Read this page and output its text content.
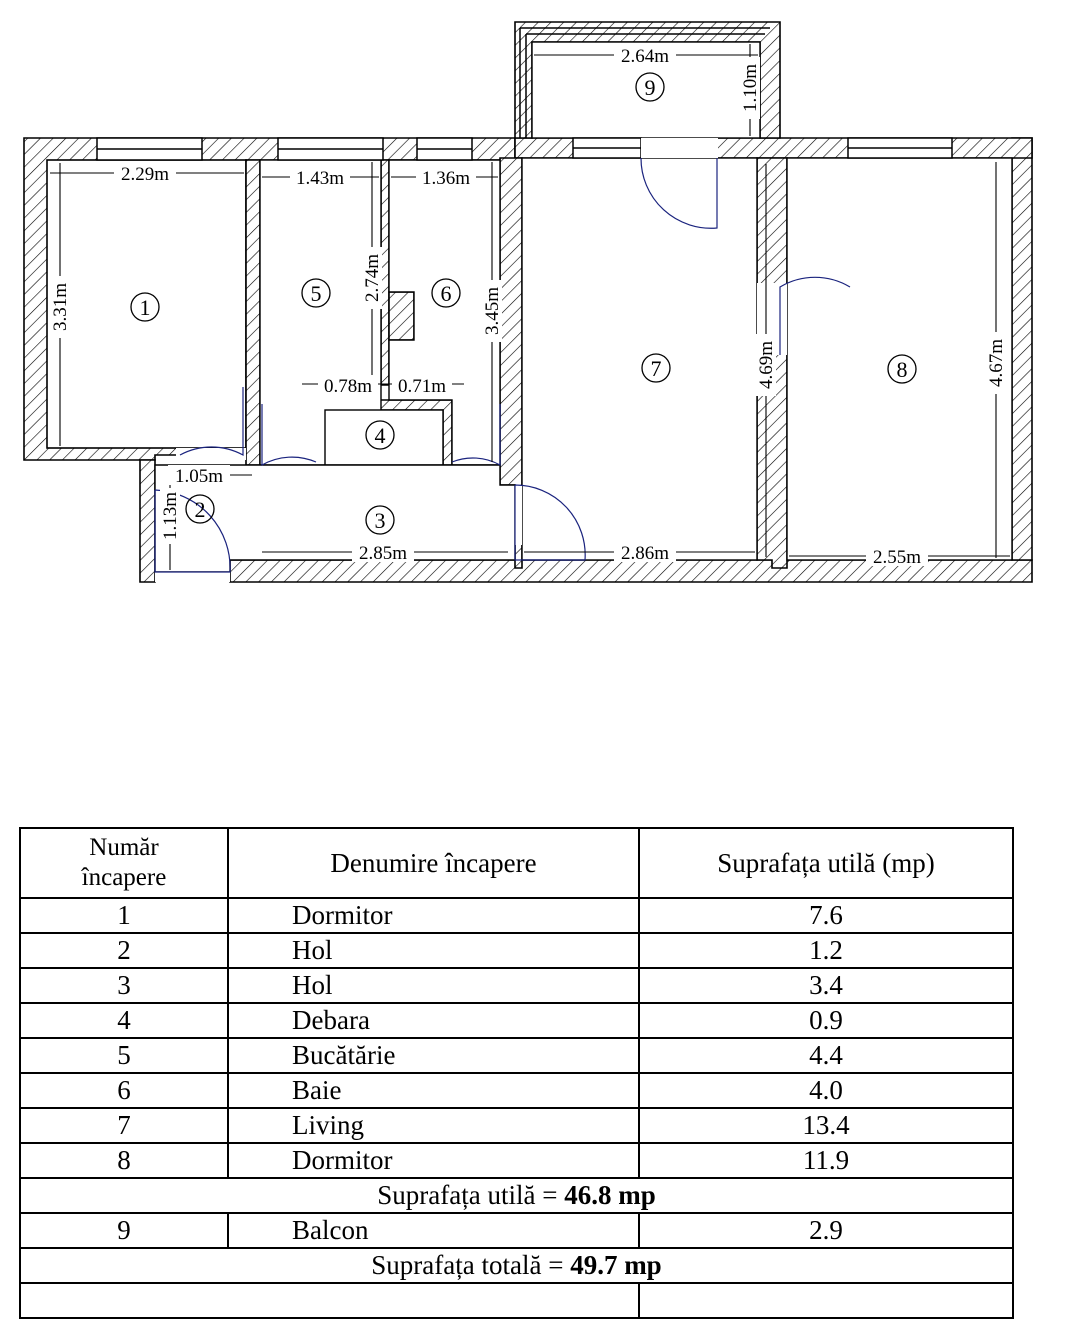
2.29m
3.31m
1.43m	1.36m
2.74m
3.45m
0.78m 0.71m
1.05m
1.13m
2.85m	2.86m
4.69m
2.55m
4.67m
2.64m
1.10m
1
2	3
4
5	6
7	8
9
Număr
încapere	Denumire încapere	Suprafața utilă (mp)
1	Dormitor	7.6
2	Hol	1.2
3	Hol	3.4
4	Debara	0.9
5	Bucătărie	4.4
6	Baie	4.0
7	Living	13.4
8	Dormitor	11.9
Suprafața utilă = 46.8 mp		
9	Balcon	2.9
Suprafața totală = 49.7 mp		
